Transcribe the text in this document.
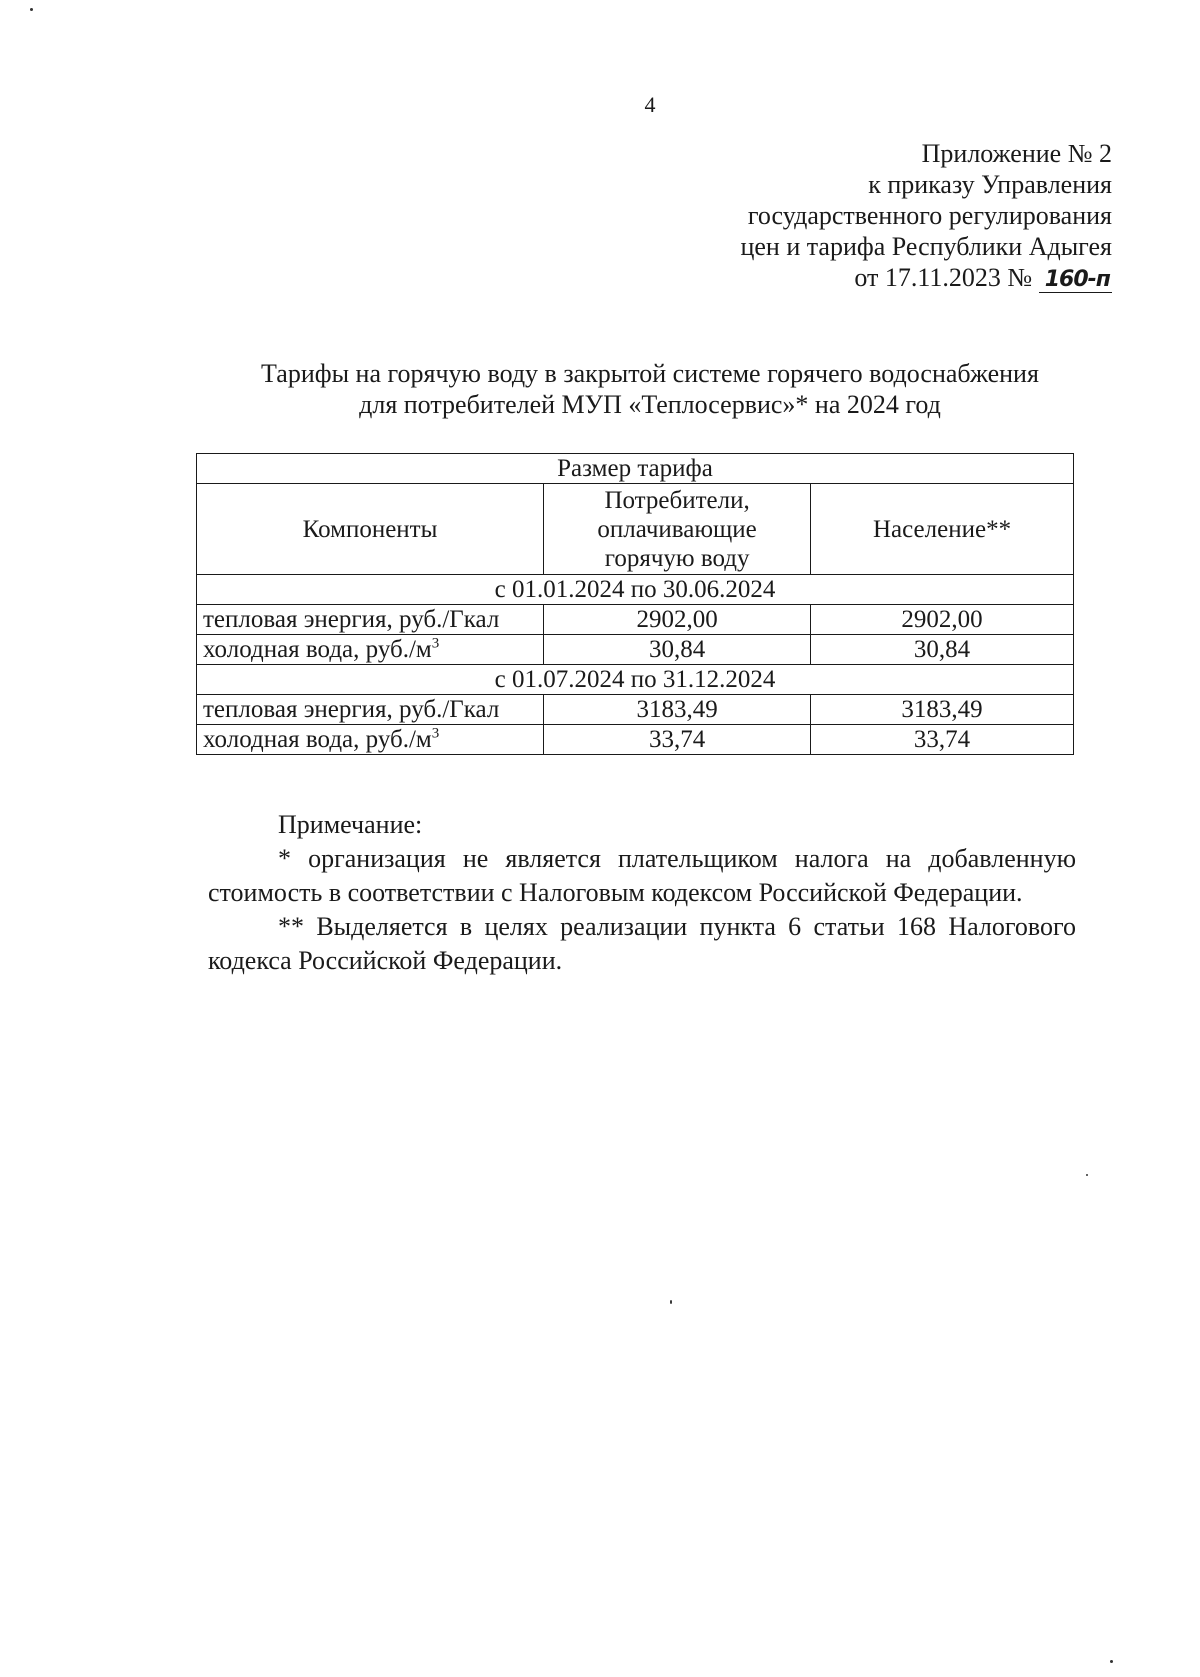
4
Приложение № 2
к приказу Управления
государственного регулирования
цен и тарифа Республики Адыгея
от 17.11.2023 № 160-п
Тарифы на горячую воду в закрытой системе горячего водоснабжения
для потребителей МУП «Теплосервис»* на 2024 год
Размер тарифа		
Компоненты	Потребители, оплачивающие горячую воду	Население**
с 01.01.2024 по 30.06.2024		
тепловая энергия, руб./Гкал	2902,00	2902,00
холодная вода, $руб./м^3$	30,84	30,84
с 01.07.2024 по 31.12.2024		
тепловая энергия, руб./Гкал	3183,49	3183,49
холодная вода, $руб./м^3$	33,74	33,74
Примечание:
* организация не является плательщиком налога на добавленную стоимость в соответствии с Налоговым кодексом Российской Федерации.
** Выделяется в целях реализации пункта 6 статьи 168 Налогового кодекса Российской Федерации.
